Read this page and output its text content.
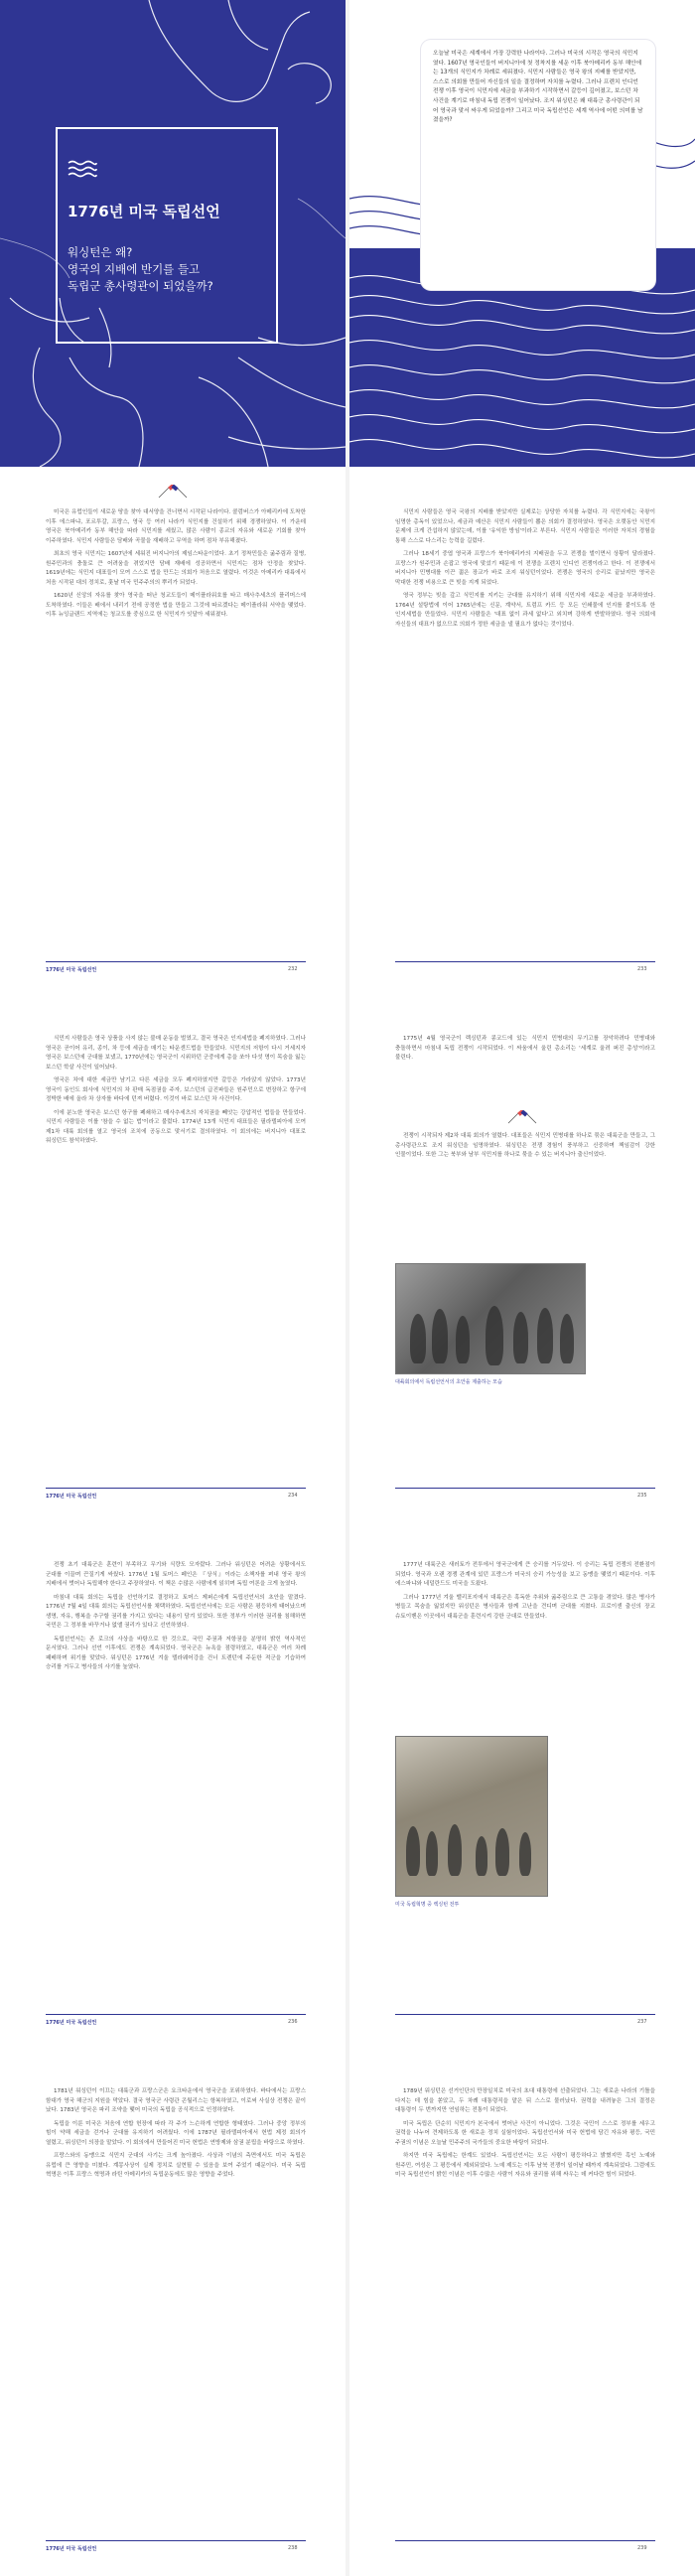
1776년 미국 독립선언
워싱턴은 왜?
영국의 지배에 반기를 들고
독립군 총사령관이 되었을까?

오늘날 미국은 세계에서 가장 강력한 나라이다. 그러나 미국의 시작은 영국의 식민지였다. 1607년 영국인들이 버지니아에 첫 정착지를 세운 이후 북아메리카 동부 해안에는 13개의 식민지가 차례로 세워졌다. 식민지 사람들은 영국 왕의 지배를 받았지만, 스스로 의회를 만들어 자신들의 일을 결정하며 자치를 누렸다. 그러나 프렌치 인디언 전쟁 이후 영국이 식민지에 세금을 부과하기 시작하면서 갈등이 깊어졌고, 보스턴 차 사건을 계기로 마침내 독립 전쟁이 일어났다. 조지 워싱턴은 왜 대륙군 총사령관이 되어 영국과 맞서 싸우게 되었을까? 그리고 미국 독립선언은 세계 역사에 어떤 의미를 남겼을까?

미국은 유럽인들이 새로운 땅을 찾아 대서양을 건너면서 시작된 나라이다. 콜럼버스가 아메리카에 도착한 이후 에스파냐, 포르투갈, 프랑스, 영국 등 여러 나라가 식민지를 건설하기 위해 경쟁하였다. 이 가운데 영국은 북아메리카 동부 해안을 따라 식민지를 세웠고, 많은 사람이 종교의 자유와 새로운 기회를 찾아 이주하였다. 식민지 사람들은 담배와 곡물을 재배하고 무역을 하며 점차 부유해졌다.

최초의 영국 식민지는 1607년에 세워진 버지니아의 제임스타운이었다. 초기 정착민들은 굶주림과 질병, 원주민과의 충돌로 큰 어려움을 겪었지만 담배 재배에 성공하면서 식민지는 점차 안정을 찾았다. 1619년에는 식민지 대표들이 모여 스스로 법을 만드는 의회가 처음으로 열렸다. 이것은 아메리카 대륙에서 처음 시작된 대의 정치로, 훗날 미국 민주주의의 뿌리가 되었다.

1620년 신앙의 자유를 찾아 영국을 떠난 청교도들이 메이플라워호를 타고 매사추세츠의 플리머스에 도착하였다. 이들은 배에서 내리기 전에 공정한 법을 만들고 그것에 따르겠다는 메이플라워 서약을 맺었다. 이후 뉴잉글랜드 지역에는 청교도를 중심으로 한 식민지가 잇달아 세워졌다.

1776년 미국 독립선언	232

식민지 사람들은 영국 국왕의 지배를 받았지만 실제로는 상당한 자치를 누렸다. 각 식민지에는 국왕이 임명한 총독이 있었으나, 세금과 예산은 식민지 사람들이 뽑은 의회가 결정하였다. 영국은 오랫동안 식민지 문제에 크게 간섭하지 않았는데, 이를 '유익한 방임'이라고 부른다. 식민지 사람들은 이러한 자치의 경험을 통해 스스로 다스리는 능력을 길렀다.

그러나 18세기 중엽 영국과 프랑스가 북아메리카의 지배권을 두고 전쟁을 벌이면서 상황이 달라졌다. 프랑스가 원주민과 손잡고 영국에 맞섰기 때문에 이 전쟁을 프렌치 인디언 전쟁이라고 한다. 이 전쟁에서 버지니아 민병대를 이끈 젊은 장교가 바로 조지 워싱턴이었다. 전쟁은 영국의 승리로 끝났지만 영국은 막대한 전쟁 비용으로 큰 빚을 지게 되었다.

영국 정부는 빚을 갚고 식민지를 지키는 군대를 유지하기 위해 식민지에 새로운 세금을 부과하였다. 1764년 설탕법에 이어 1765년에는 신문, 계약서, 트럼프 카드 등 모든 인쇄물에 인지를 붙이도록 한 인지세법을 만들었다. 식민지 사람들은 '대표 없이 과세 없다'고 외치며 강하게 반발하였다. 영국 의회에 자신들의 대표가 없으므로 의회가 정한 세금을 낼 필요가 없다는 것이었다.

233

식민지 사람들은 영국 상품을 사지 않는 불매 운동을 벌였고, 결국 영국은 인지세법을 폐지하였다. 그러나 영국은 곧이어 유리, 종이, 차 등에 세금을 매기는 타운센드법을 만들었다. 식민지의 저항이 다시 거세지자 영국은 보스턴에 군대를 보냈고, 1770년에는 영국군이 시위하던 군중에게 총을 쏘아 다섯 명이 목숨을 잃는 보스턴 학살 사건이 일어났다.

영국은 차에 대한 세금만 남기고 다른 세금을 모두 폐지하였지만 갈등은 가라앉지 않았다. 1773년 영국이 동인도 회사에 식민지의 차 판매 독점권을 주자, 보스턴의 급진파들은 원주민으로 변장하고 항구에 정박한 배에 올라 차 상자를 바다에 던져 버렸다. 이것이 바로 보스턴 차 사건이다.

이에 분노한 영국은 보스턴 항구를 폐쇄하고 매사추세츠의 자치권을 빼앗는 강압적인 법들을 만들었다. 식민지 사람들은 이를 '참을 수 없는 법'이라고 불렀다. 1774년 13개 식민지 대표들은 필라델피아에 모여 제1차 대륙 회의를 열고 영국의 조치에 공동으로 맞서기로 결의하였다. 이 회의에는 버지니아 대표로 워싱턴도 참석하였다.

1776년 미국 독립선언	234

1775년 4월 영국군이 렉싱턴과 콩코드에 있는 식민지 민병대의 무기고를 장악하려다 민병대와 충돌하면서 마침내 독립 전쟁이 시작되었다. 이 싸움에서 울린 총소리는 '세계로 울려 퍼진 총성'이라고 불린다.

전쟁이 시작되자 제2차 대륙 회의가 열렸다. 대표들은 식민지 민병대를 하나로 묶은 대륙군을 만들고, 그 총사령관으로 조지 워싱턴을 임명하였다. 워싱턴은 전쟁 경험이 풍부하고 신중하며 책임감이 강한 인물이었다. 또한 그는 북부와 남부 식민지를 하나로 묶을 수 있는 버지니아 출신이었다.

대륙회의에서 독립선언서의 초안을 제출하는 모습
235

전쟁 초기 대륙군은 훈련이 부족하고 무기와 식량도 모자랐다. 그러나 워싱턴은 어려운 상황에서도 군대를 이끌며 끈질기게 싸웠다. 1776년 1월 토머스 페인은 『상식』이라는 소책자를 펴내 영국 왕의 지배에서 벗어나 독립해야 한다고 주장하였다. 이 책은 수많은 사람에게 읽히며 독립 여론을 크게 높였다.

마침내 대륙 회의는 독립을 선언하기로 결정하고 토머스 제퍼슨에게 독립선언서의 초안을 맡겼다. 1776년 7월 4일 대륙 회의는 독립선언서를 채택하였다. 독립선언서에는 모든 사람은 평등하게 태어났으며 생명, 자유, 행복을 추구할 권리를 가지고 있다는 내용이 담겨 있었다. 또한 정부가 이러한 권리를 침해하면 국민은 그 정부를 바꾸거나 없앨 권리가 있다고 선언하였다.

독립선언서는 존 로크의 사상을 바탕으로 한 것으로, 국민 주권과 저항권을 분명히 밝힌 역사적인 문서였다. 그러나 선언 이후에도 전쟁은 계속되었다. 영국군은 뉴욕을 점령하였고, 대륙군은 여러 차례 패배하며 위기를 맞았다. 워싱턴은 1776년 겨울 델라웨어강을 건너 트렌턴에 주둔한 적군을 기습하여 승리를 거두고 병사들의 사기를 높였다.

1776년 미국 독립선언	236

1777년 대륙군은 새러토가 전투에서 영국군에게 큰 승리를 거두었다. 이 승리는 독립 전쟁의 전환점이 되었다. 영국과 오랜 경쟁 관계에 있던 프랑스가 미국의 승리 가능성을 보고 동맹을 맺었기 때문이다. 이후 에스파냐와 네덜란드도 미국을 도왔다.

그러나 1777년 겨울 밸리포지에서 대륙군은 혹독한 추위와 굶주림으로 큰 고통을 겪었다. 많은 병사가 병들고 목숨을 잃었지만 워싱턴은 병사들과 함께 고난을 견디며 군대를 지켰다. 프로이센 출신의 장교 슈토이벤은 이곳에서 대륙군을 훈련시켜 강한 군대로 만들었다.

미국 독립혁명 중 렉싱턴 전투
237

1781년 워싱턴이 이끄는 대륙군과 프랑스군은 요크타운에서 영국군을 포위하였다. 바다에서는 프랑스 함대가 영국 해군의 지원을 막았다. 결국 영국군 사령관 콘월리스는 항복하였고, 이로써 사실상 전쟁은 끝이 났다. 1783년 영국은 파리 조약을 맺어 미국의 독립을 공식적으로 인정하였다.

독립을 이룬 미국은 처음에 연합 헌장에 따라 각 주가 느슨하게 연합한 형태였다. 그러나 중앙 정부의 힘이 약해 세금을 걷거나 군대를 유지하기 어려웠다. 이에 1787년 필라델피아에서 헌법 제정 회의가 열렸고, 워싱턴이 의장을 맡았다. 이 회의에서 만들어진 미국 헌법은 연방제와 삼권 분립을 바탕으로 하였다.

프랑스와의 동맹으로 식민지 군대의 사기는 크게 높아졌다. 사상과 이념의 측면에서도 미국 독립은 유럽에 큰 영향을 미쳤다. 계몽사상이 실제 정치로 실현될 수 있음을 보여 주었기 때문이다. 미국 독립 혁명은 이후 프랑스 혁명과 라틴 아메리카의 독립운동에도 많은 영향을 주었다.

1776년 미국 독립선언	238

1789년 워싱턴은 선거인단의 만장일치로 미국의 초대 대통령에 선출되었다. 그는 새로운 나라의 기틀을 다지는 데 힘을 쏟았고, 두 차례 대통령직을 맡은 뒤 스스로 물러났다. 권력을 내려놓은 그의 결정은 대통령이 두 번까지만 연임하는 전통이 되었다.

미국 독립은 단순히 식민지가 본국에서 벗어난 사건이 아니었다. 그것은 국민이 스스로 정부를 세우고 권력을 나누어 견제하도록 한 새로운 정치 실험이었다. 독립선언서와 미국 헌법에 담긴 자유와 평등, 국민 주권의 이념은 오늘날 민주주의 국가들의 중요한 바탕이 되었다.

하지만 미국 독립에는 한계도 있었다. 독립선언서는 모든 사람이 평등하다고 밝혔지만 흑인 노예와 원주민, 여성은 그 평등에서 제외되었다. 노예 제도는 이후 남북 전쟁이 일어날 때까지 계속되었다. 그럼에도 미국 독립선언이 밝힌 이념은 이후 수많은 사람이 자유와 권리를 위해 싸우는 데 커다란 힘이 되었다.

239
